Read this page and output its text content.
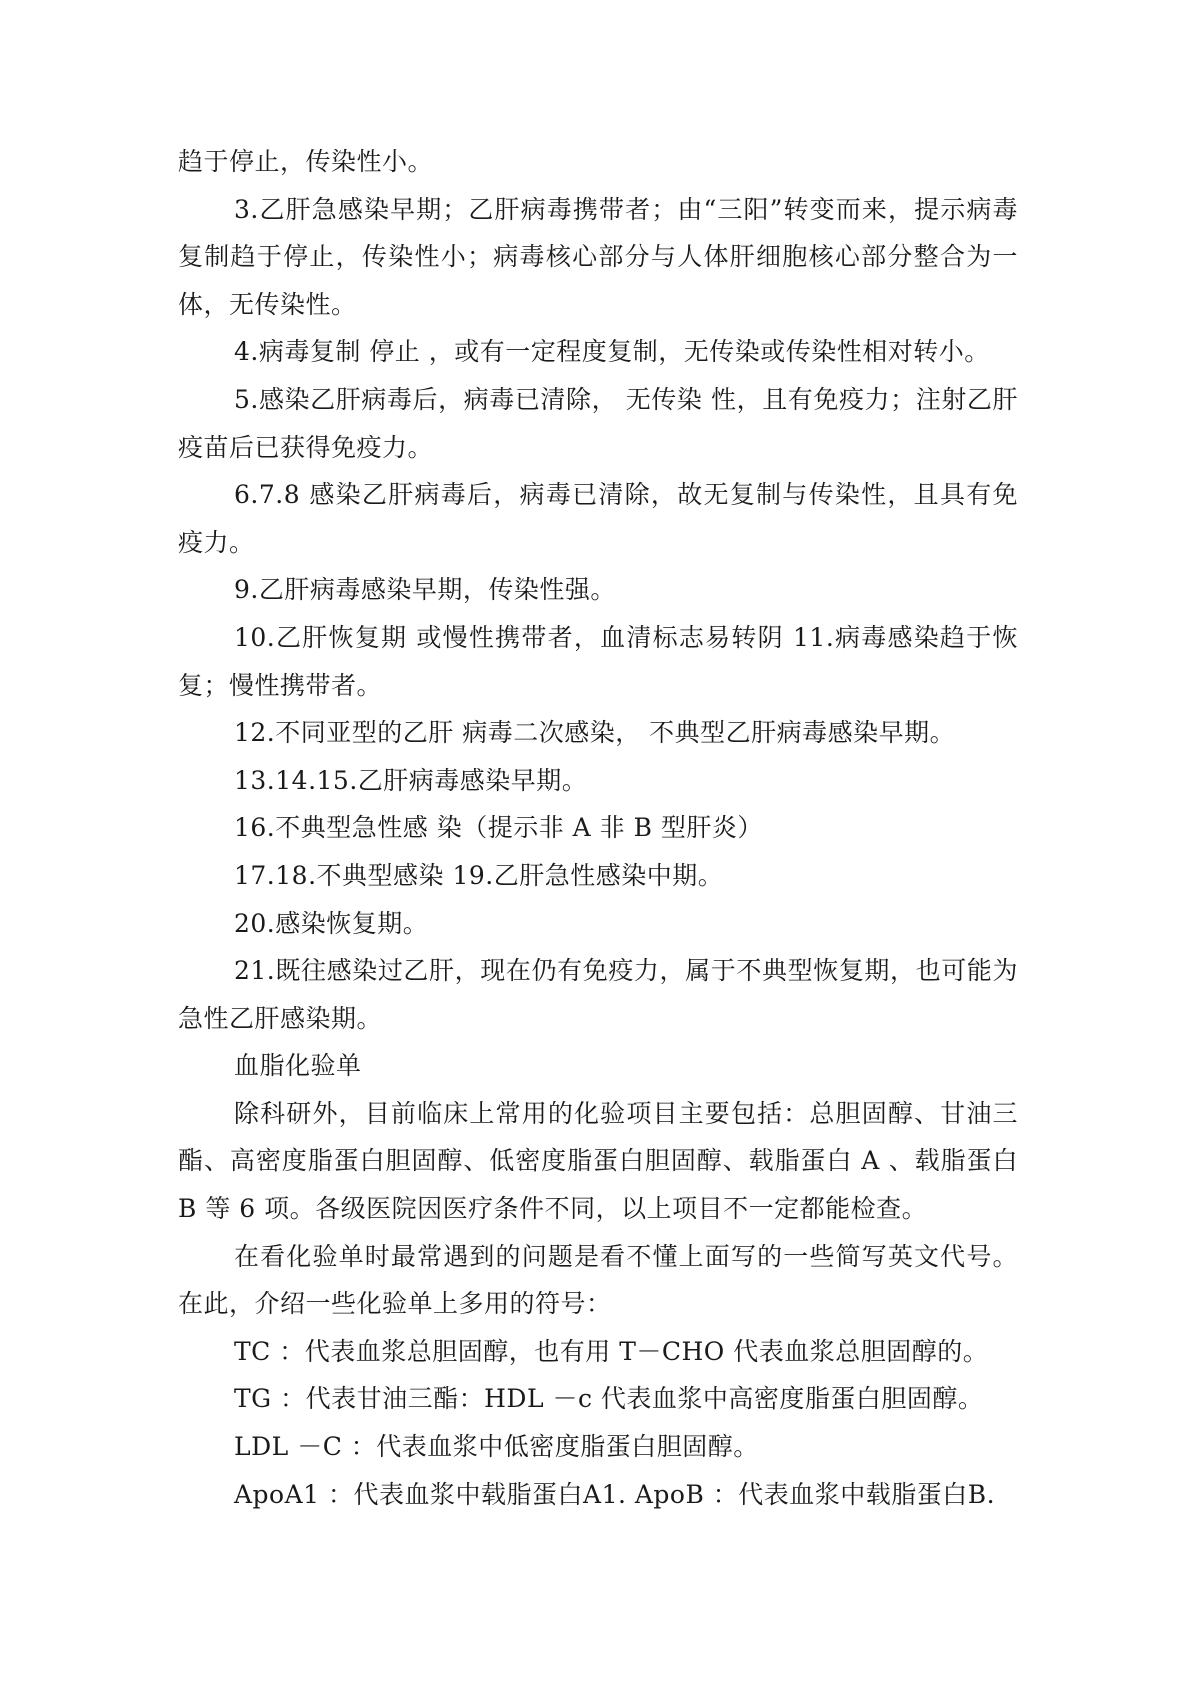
趋于停止，传染性小。

3.乙肝急感染早期；乙肝病毒携带者；由“三阳”转变而来，提示病毒复制趋于停止，传染性小；病毒核心部分与人体肝细胞核心部分整合为一体，无传染性。

4.病毒复制 停止 ，或有一定程度复制，无传染或传染性相对转小。

5.感染乙肝病毒后，病毒已清除， 无传染 性，且有免疫力；注射乙肝疫苗后已获得免疫力。

6.7.8 感染乙肝病毒后，病毒已清除，故无复制与传染性，且具有免疫力。

9.乙肝病毒感染早期，传染性强。

10.乙肝恢复期 或慢性携带者，血清标志易转阴 11.病毒感染趋于恢复；慢性携带者。

12.不同亚型的乙肝 病毒二次感染， 不典型乙肝病毒感染早期。

13.14.15.乙肝病毒感染早期。

16.不典型急性感 染（提示非 A 非 B 型肝炎）

17.18.不典型感染 19.乙肝急性感染中期。

20.感染恢复期。

21.既往感染过乙肝，现在仍有免疫力，属于不典型恢复期，也可能为急性乙肝感染期。

血脂化验单

除科研外，目前临床上常用的化验项目主要包括：总胆固醇、甘油三酯、高密度脂蛋白胆固醇、低密度脂蛋白胆固醇、载脂蛋白 A 、载脂蛋白 B 等 6 项。各级医院因医疗条件不同，以上项目不一定都能检查。

在看化验单时最常遇到的问题是看不懂上面写的一些简写英文代号。在此，介绍一些化验单上多用的符号：

TC ：代表血浆总胆固醇，也有用 T－CHO 代表血浆总胆固醇的。

TG ：代表甘油三酯：HDL －c 代表血浆中高密度脂蛋白胆固醇。

LDL －C ：代表血浆中低密度脂蛋白胆固醇。

ApoA1 ：代表血浆中载脂蛋白A1. ApoB ：代表血浆中载脂蛋白B.
